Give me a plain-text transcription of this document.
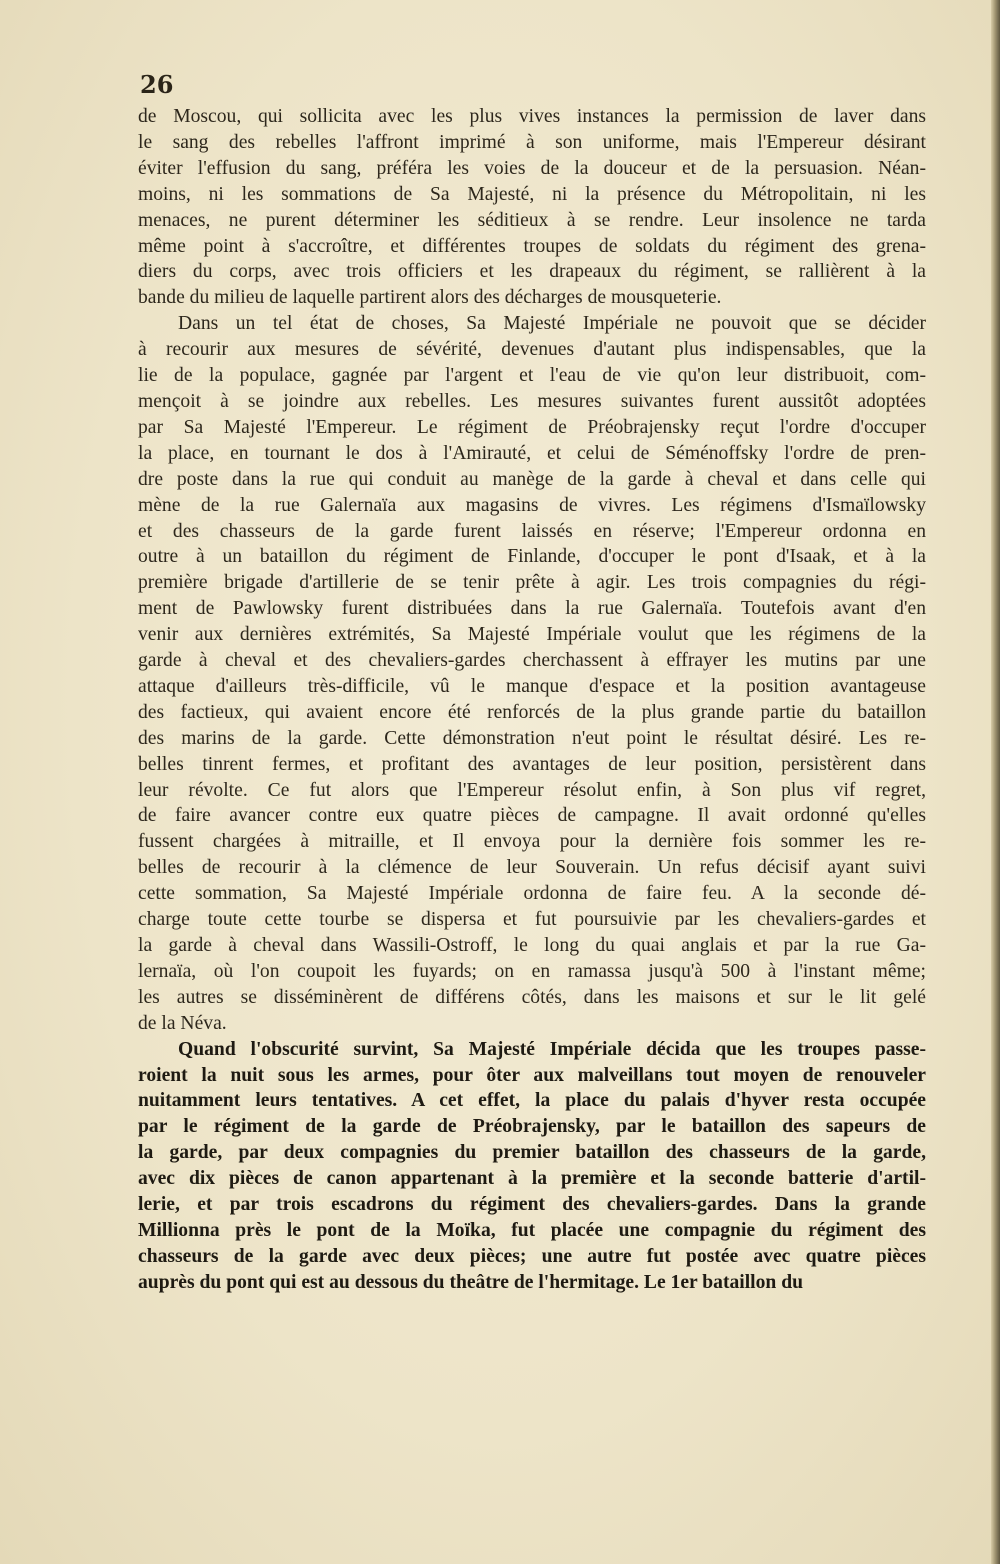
26

de Moscou, qui sollicita avec les plus vives instances la permission de laver dans
le sang des rebelles l'affront imprimé à son uniforme, mais l'Empereur désirant
éviter l'effusion du sang, préféra les voies de la douceur et de la persuasion. Néan-
moins, ni les sommations de Sa Majesté, ni la présence du Métropolitain, ni les
menaces, ne purent déterminer les séditieux à se rendre. Leur insolence ne tarda
même point à s'accroître, et différentes troupes de soldats du régiment des grena-
diers du corps, avec trois officiers et les drapeaux du régiment, se rallièrent à la
bande du milieu de laquelle partirent alors des décharges de mousqueterie.

Dans un tel état de choses, Sa Majesté Impériale ne pouvoit que se décider
à recourir aux mesures de sévérité, devenues d'autant plus indispensables, que la
lie de la populace, gagnée par l'argent et l'eau de vie qu'on leur distribuoit, com-
mençoit à se joindre aux rebelles. Les mesures suivantes furent aussitôt adoptées
par Sa Majesté l'Empereur. Le régiment de Préobrajensky reçut l'ordre d'occuper
la place, en tournant le dos à l'Amirauté, et celui de Séménoffsky l'ordre de pren-
dre poste dans la rue qui conduit au manège de la garde à cheval et dans celle qui
mène de la rue Galernaïa aux magasins de vivres. Les régimens d'Ismaïlowsky
et des chasseurs de la garde furent laissés en réserve; l'Empereur ordonna en
outre à un bataillon du régiment de Finlande, d'occuper le pont d'Isaak, et à la
première brigade d'artillerie de se tenir prête à agir. Les trois compagnies du régi-
ment de Pawlowsky furent distribuées dans la rue Galernaïa. Toutefois avant d'en
venir aux dernières extrémités, Sa Majesté Impériale voulut que les régimens de la
garde à cheval et des chevaliers-gardes cherchassent à effrayer les mutins par une
attaque d'ailleurs très-difficile, vû le manque d'espace et la position avantageuse
des factieux, qui avaient encore été renforcés de la plus grande partie du bataillon
des marins de la garde. Cette démonstration n'eut point le résultat désiré. Les re-
belles tinrent fermes, et profitant des avantages de leur position, persistèrent dans
leur révolte. Ce fut alors que l'Empereur résolut enfin, à Son plus vif regret,
de faire avancer contre eux quatre pièces de campagne. Il avait ordonné qu'elles
fussent chargées à mitraille, et Il envoya pour la dernière fois sommer les re-
belles de recourir à la clémence de leur Souverain. Un refus décisif ayant suivi
cette sommation, Sa Majesté Impériale ordonna de faire feu. A la seconde dé-
charge toute cette tourbe se dispersa et fut poursuivie par les chevaliers-gardes et
la garde à cheval dans Wassili-Ostroff, le long du quai anglais et par la rue Ga-
lernaïa, où l'on coupoit les fuyards; on en ramassa jusqu'à 500 à l'instant même;
les autres se disséminèrent de différens côtés, dans les maisons et sur le lit gelé
de la Néva.

Quand l'obscurité survint, Sa Majesté Impériale décida que les troupes passe-
roient la nuit sous les armes, pour ôter aux malveillans tout moyen de renouveler
nuitamment leurs tentatives. A cet effet, la place du palais d'hyver resta occupée
par le régiment de la garde de Préobrajensky, par le bataillon des sapeurs de
la garde, par deux compagnies du premier bataillon des chasseurs de la garde,
avec dix pièces de canon appartenant à la première et la seconde batterie d'artil-
lerie, et par trois escadrons du régiment des chevaliers-gardes. Dans la grande
Millionna près le pont de la Moïka, fut placée une compagnie du régiment des
chasseurs de la garde avec deux pièces; une autre fut postée avec quatre pièces
auprès du pont qui est au dessous du theâtre de l'hermitage. Le 1er bataillon du
